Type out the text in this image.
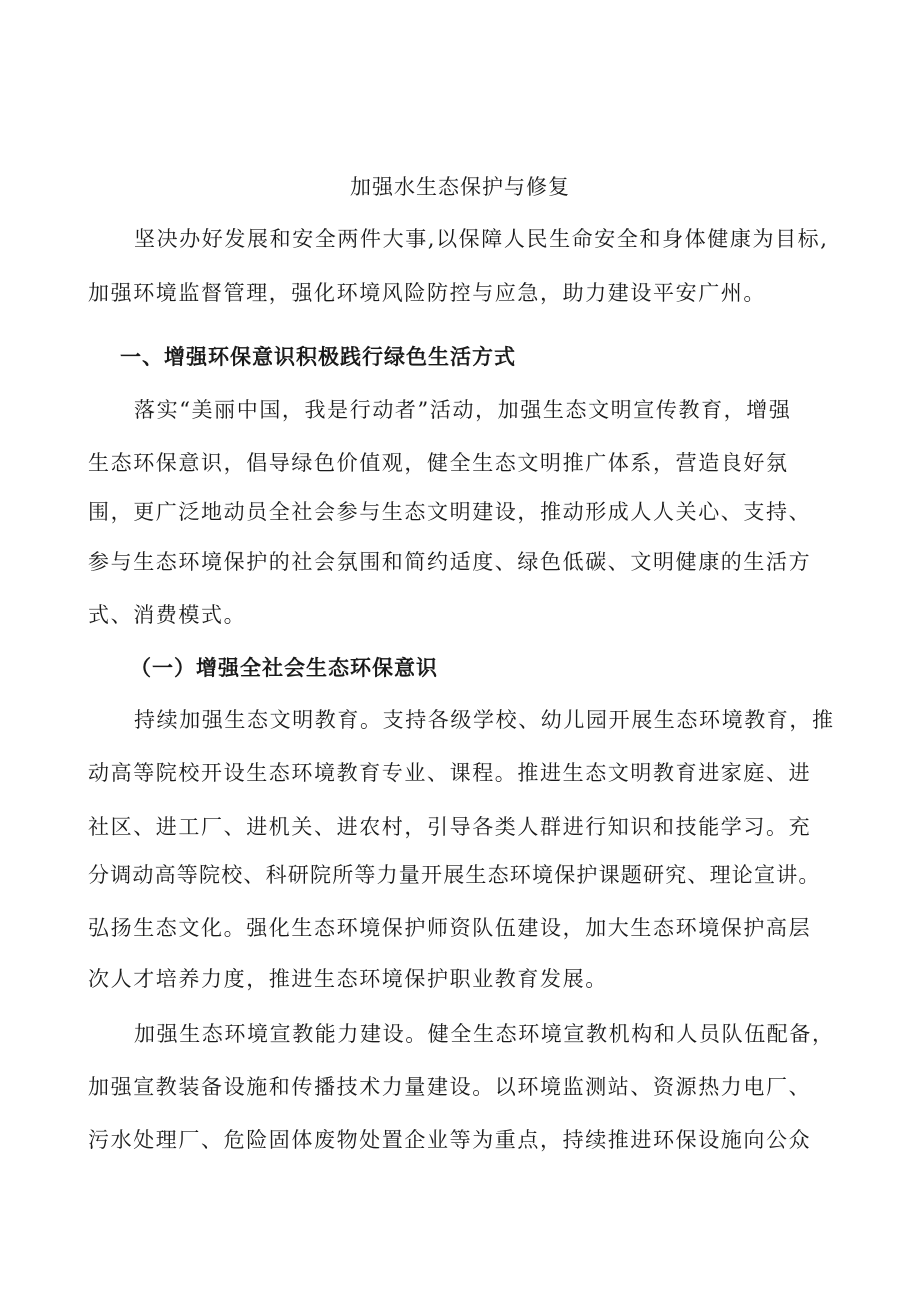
加强水生态保护与修复

坚决办好发展和安全两件大事,以保障人民生命安全和身体健康为目标,

加强环境监督管理，强化环境风险防控与应急，助力建设平安广州。

一、增强环保意识积极践行绿色生活方式

落实“美丽中国，我是行动者”活动，加强生态文明宣传教育，增强

生态环保意识，倡导绿色价值观，健全生态文明推广体系，营造良好氛

围，更广泛地动员全社会参与生态文明建设，推动形成人人关心、支持、

参与生态环境保护的社会氛围和简约适度、绿色低碳、文明健康的生活方

式、消费模式。

（一）增强全社会生态环保意识

持续加强生态文明教育。支持各级学校、幼儿园开展生态环境教育，推

动高等院校开设生态环境教育专业、课程。推进生态文明教育进家庭、进

社区、进工厂、进机关、进农村，引导各类人群进行知识和技能学习。充

分调动高等院校、科研院所等力量开展生态环境保护课题研究、理论宣讲。

弘扬生态文化。强化生态环境保护师资队伍建设，加大生态环境保护高层

次人才培养力度，推进生态环境保护职业教育发展。

加强生态环境宣教能力建设。健全生态环境宣教机构和人员队伍配备，

加强宣教装备设施和传播技术力量建设。以环境监测站、资源热力电厂、

污水处理厂、危险固体废物处置企业等为重点，持续推进环保设施向公众
